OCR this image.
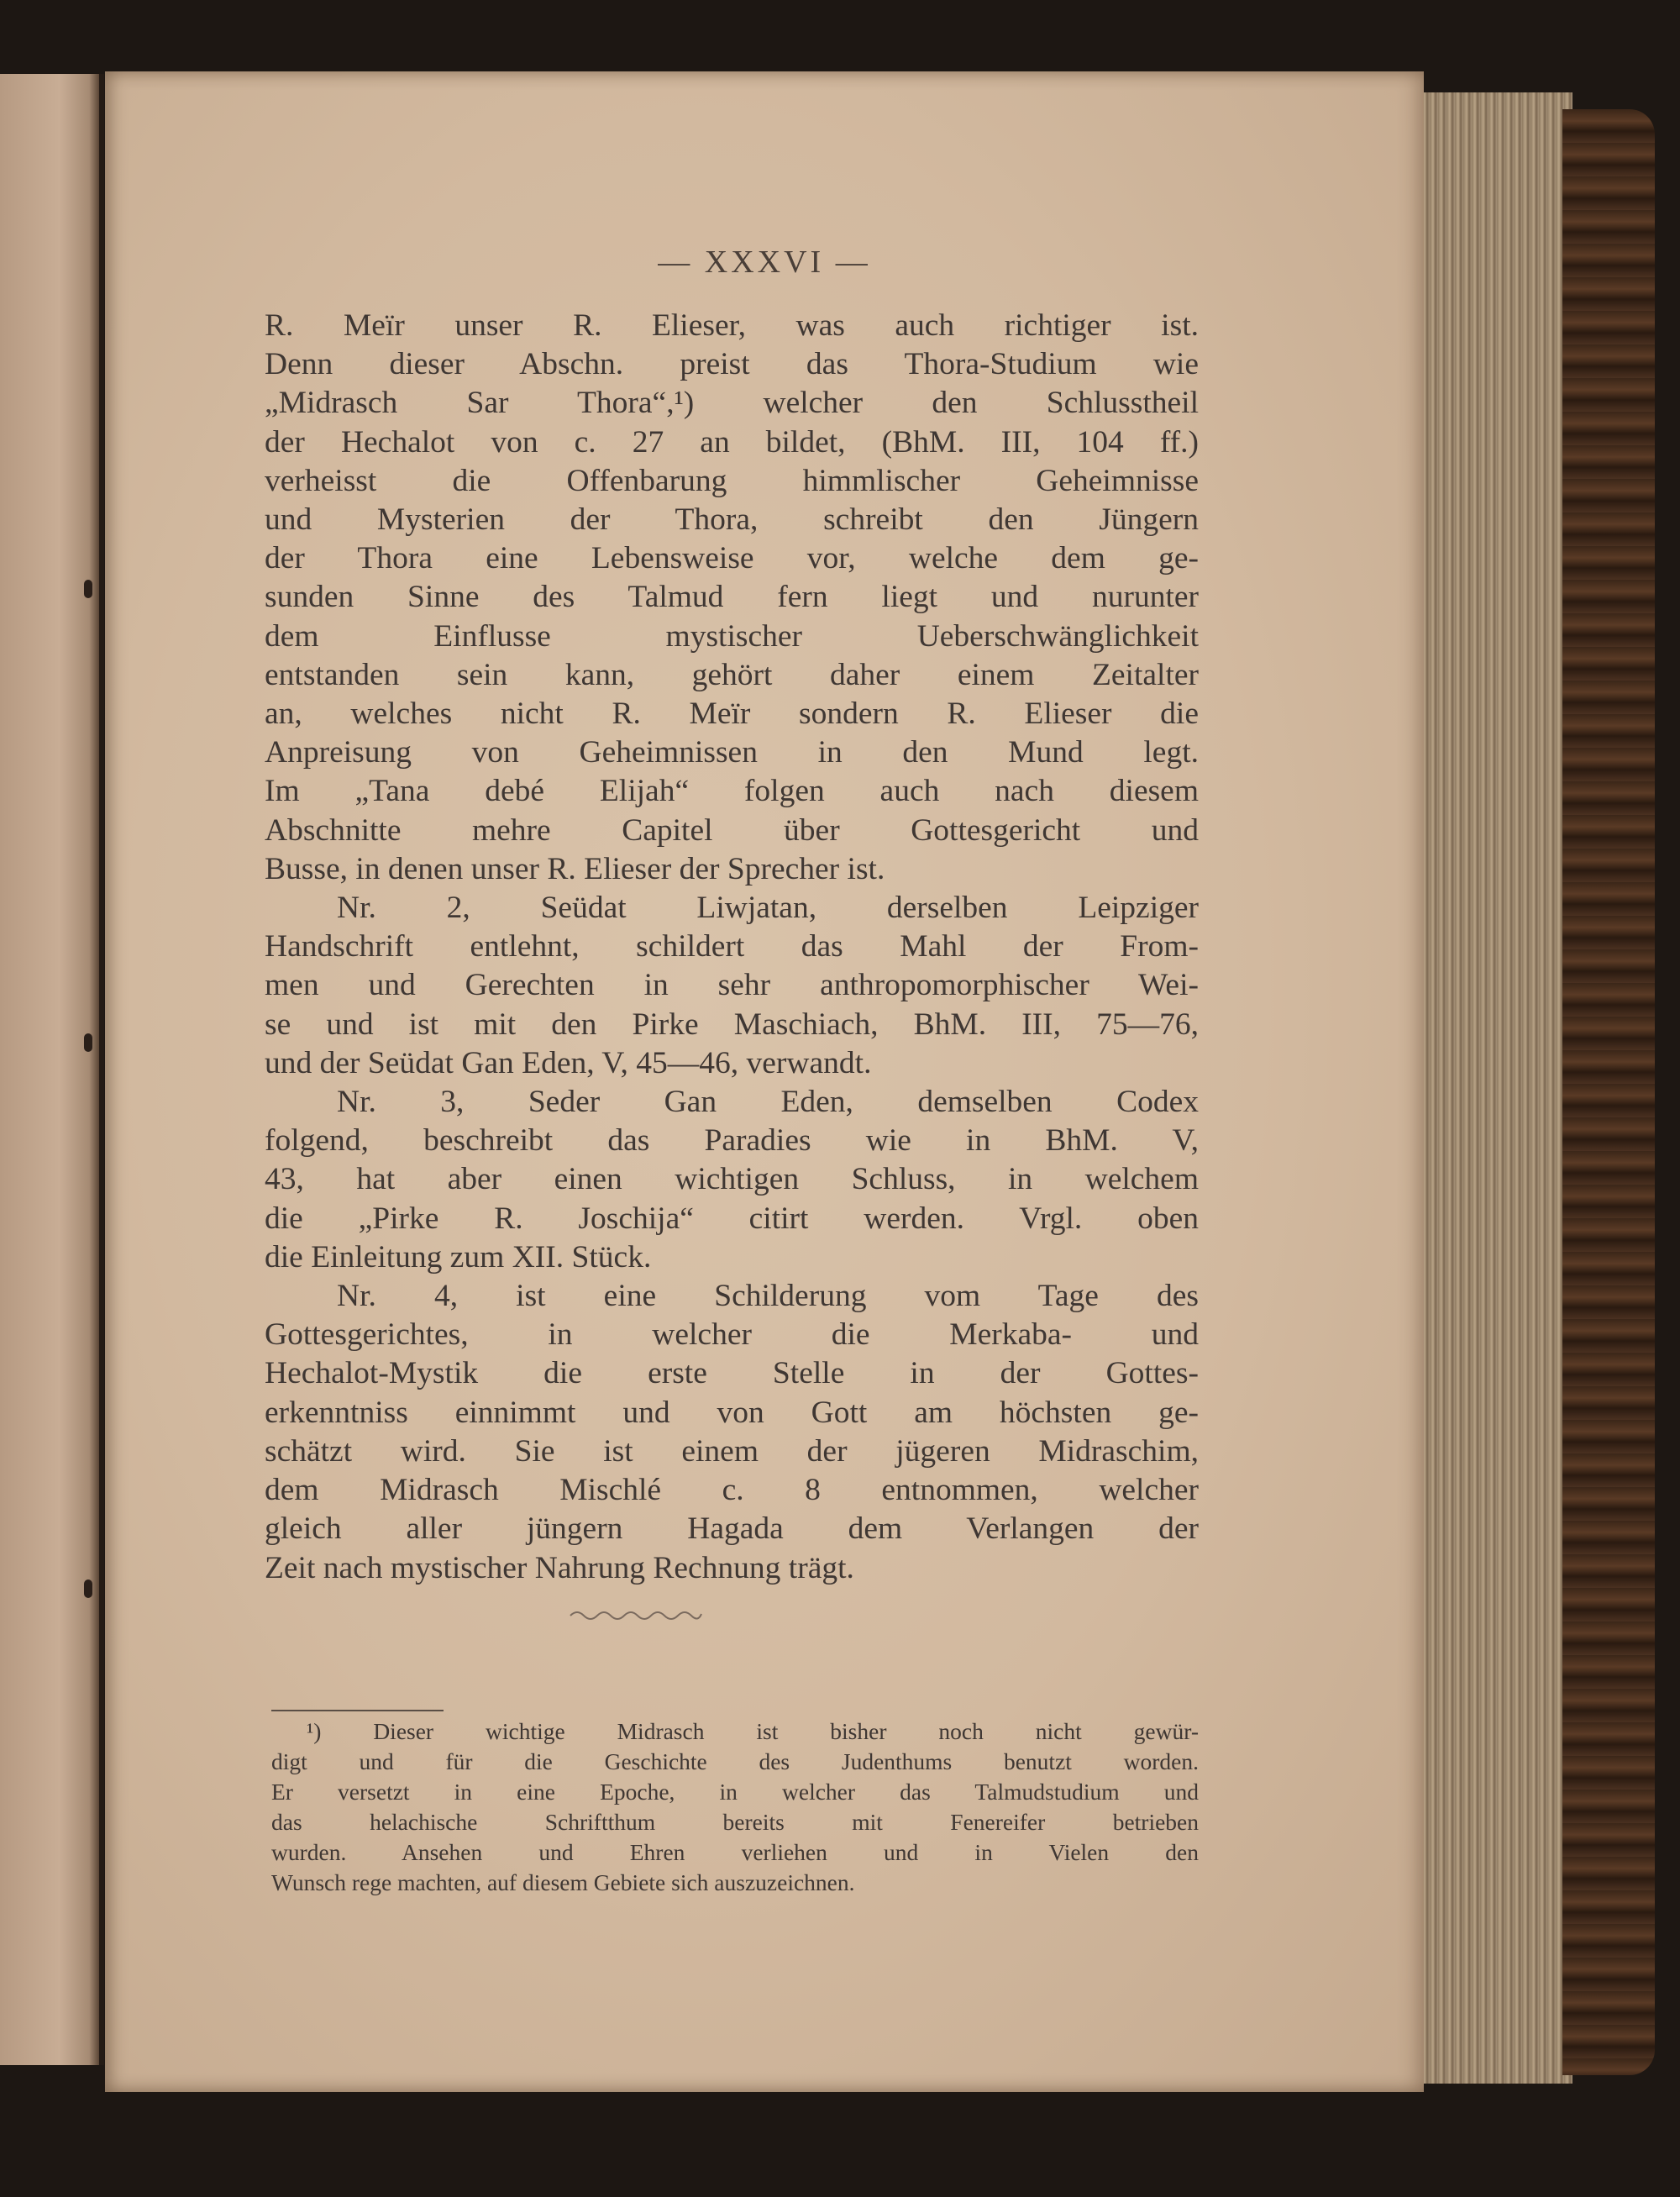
— XXXVI —
R. Meïr unser R. Elieser, was auch richtiger ist.
Denn dieser Abschn. preist das Thora-Studium wie
„Midrasch Sar Thora“,¹) welcher den Schlusstheil
der Hechalot von c. 27 an bildet, (BhM. III, 104 ff.)
verheisst die Offenbarung himmlischer Geheimnisse
und Mysterien der Thora, schreibt den Jüngern
der Thora eine Lebensweise vor, welche dem ge-
sunden Sinne des Talmud fern liegt und nurunter
dem Einflusse mystischer Ueberschwänglichkeit
entstanden sein kann, gehört daher einem Zeitalter
an, welches nicht R. Meïr sondern R. Elieser die
Anpreisung von Geheimnissen in den Mund legt.
Im „Tana debé Elijah“ folgen auch nach diesem
Abschnitte mehre Capitel über Gottesgericht und
Busse, in denen unser R. Elieser der Sprecher ist.
Nr. 2, Seüdat Liwjatan, derselben Leipziger
Handschrift entlehnt, schildert das Mahl der From-
men und Gerechten in sehr anthropomorphischer Wei-
se und ist mit den Pirke Maschiach, BhM. III, 75—76,
und der Seüdat Gan Eden, V, 45—46, verwandt.
Nr. 3, Seder Gan Eden, demselben Codex
folgend, beschreibt das Paradies wie in BhM. V,
43, hat aber einen wichtigen Schluss, in welchem
die „Pirke R. Joschija“ citirt werden. Vrgl. oben
die Einleitung zum XII. Stück.
Nr. 4, ist eine Schilderung vom Tage des
Gottesgerichtes, in welcher die Merkaba- und
Hechalot-Mystik die erste Stelle in der Gottes-
erkenntniss einnimmt und von Gott am höchsten ge-
schätzt wird. Sie ist einem der jügeren Midraschim,
dem Midrasch Mischlé c. 8 entnommen, welcher
gleich aller jüngern Hagada dem Verlangen der
Zeit nach mystischer Nahrung Rechnung trägt.
¹) Dieser wichtige Midrasch ist bisher noch nicht gewür-
digt und für die Geschichte des Judenthums benutzt worden.
Er versetzt in eine Epoche, in welcher das Talmudstudium und
das helachische Schriftthum bereits mit Fenereifer betrieben
wurden. Ansehen und Ehren verliehen und in Vielen den
Wunsch rege machten, auf diesem Gebiete sich auszuzeichnen.
